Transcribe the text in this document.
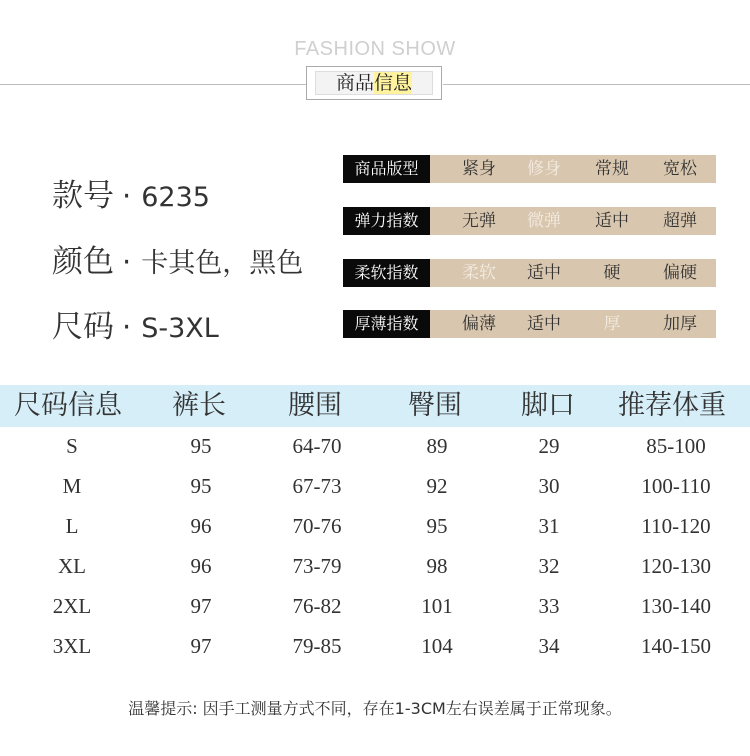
FASHION SHOW
商品信息
款号 · 6235
颜色 · 卡其色，黑色
尺码 · S-3XL
商品版型	紧身	修身	常规	宽松
弹力指数	无弹	微弹	适中	超弹
柔软指数	柔软	适中	硬	偏硬
厚薄指数	偏薄	适中	厚	加厚
尺码信息 裤长 腰围 臀围 脚口 推荐体重
S	95	64-70	89	29	85-100
M	95	67-73	92	30	100-110
L	96	70-76	95	31	110-120
XL	96	73-79	98	32	120-130
2XL	97	76-82	101	33	130-140
3XL	97	79-85	104	34	140-150
温馨提示: 因手工测量方式不同，存在1-3CM左右误差属于正常现象。
